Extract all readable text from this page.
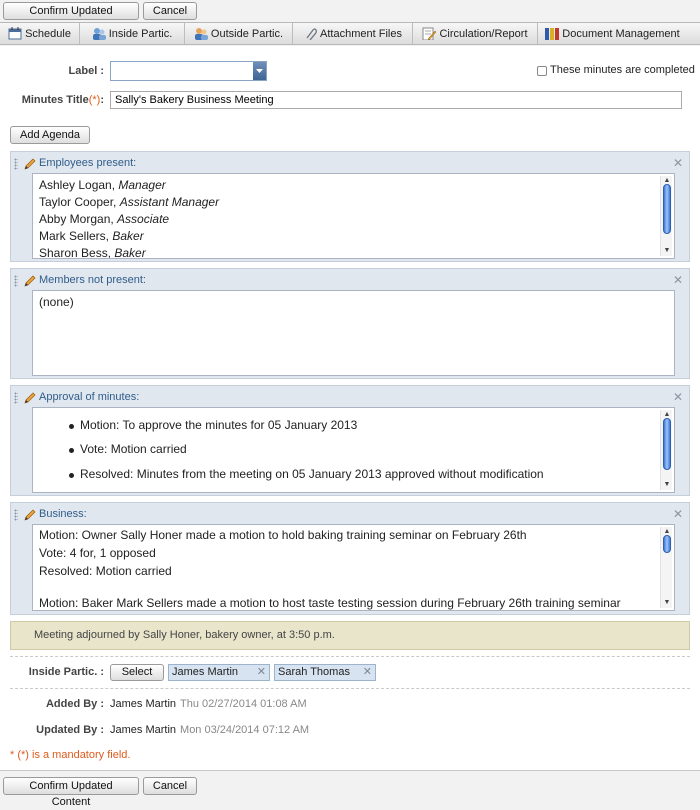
Confirm Updated	Cancel
Schedule	Inside Partic.	Outside Partic.	Attachment Files	Circulation/Report	Document Management
Label :	These minutes are completed
Minutes Title(*):
Sally's Bakery Business Meeting
Add Agenda
Employees present:	✕
Ashley Logan, Manager
Taylor Cooper, Assistant Manager
Abby Morgan, Associate
Mark Sellers, Baker
Sharon Bess, Baker
▲
▼
Members not present:	✕
(none)
Approval of minutes:	✕
Motion: To approve the minutes for 05 January 2013
Vote: Motion carried
Resolved: Minutes from the meeting on 05 January 2013 approved without modification
▲
▼
Business:	✕
Motion: Owner Sally Honer made a motion to hold baking training seminar on February 26th
Vote: 4 for, 1 opposed
Resolved: Motion carried
Motion: Baker Mark Sellers made a motion to host taste testing session during February 26th training seminar
▲
▼
Meeting adjourned by Sally Honer, bakery owner, at 3:50 p.m.
Inside Partic. :	Select	James Martin ✕	Sarah Thomas ✕
Added By : James Martin Thu 02/27/2014 01:08 AM
Updated By : James Martin Mon 03/24/2014 07:12 AM
* (*) is a mandatory field.
Confirm Updated Content
Cancel
